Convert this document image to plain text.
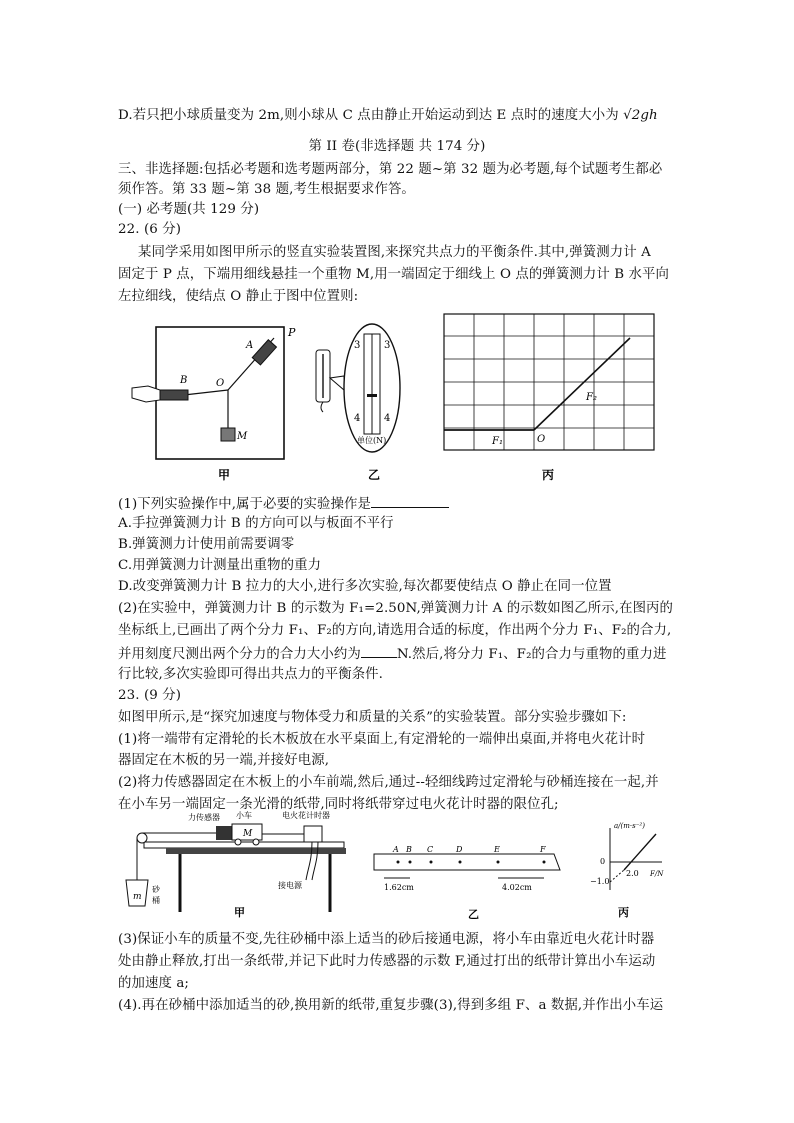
D.若只把小球质量变为 2m,则小球从 C 点由静止开始运动到达 E 点时的速度大小为 √2gh
第 II 卷(非选择题 共 174 分)
三、非选择题:包括必考题和选考题两部分，第 22 题~第 32 题为必考题,每个试题考生都必
须作答。第 33 题~第 38 题,考生根据要求作答。
(一) 必考题(共 129 分)
22. (6 分)
某同学采用如图甲所示的竖直实验装置图,来探究共点力的平衡条件.其中,弹簧测力计 A
固定于 P 点，下端用细线悬挂一个重物 M,用一端固定于细线上 O 点的弹簧测力计 B 水平向
左拉细线，使结点 O 静止于图中位置则:
P
A
B	O
M
甲
3
4
3
4
单位(N)
乙
F₁
F₂
O
丙
(1)下列实验操作中,属于必要的实验操作是
A.手拉弹簧测力计 B 的方向可以与板面不平行
B.弹簧测力计使用前需要调零
C.用弹簧测力计测量出重物的重力
D.改变弹簧测力计 B 拉力的大小,进行多次实验,每次都要使结点 O 静止在同一位置
(2)在实验中，弹簧测力计 B 的示数为 F₁=2.50N,弹簧测力计 A 的示数如图乙所示,在图丙的
坐标纸上,已画出了两个分力 F₁、F₂的方向,请选用合适的标度，作出两个分力 F₁、F₂的合力,
并用刻度尺测出两个分力的合力大小约为	N.然后,将分力 F₁、F₂的合力与重物的重力进
行比较,多次实验即可得出共点力的平衡条件.
23. (9 分)
如图甲所示,是“探究加速度与物体受力和质量的关系”的实验装置。部分实验步骤如下:
(1)将一端带有定滑轮的长木板放在水平桌面上,有定滑轮的一端伸出桌面,并将电火花计时
器固定在木板的另一端,并接好电源,
(2)将力传感器固定在木板上的小车前端,然后,通过--轻细线跨过定滑轮与砂桶连接在一起,并
在小车另一端固定一条光滑的纸带,同时将纸带穿过电火花计时器的限位孔;
力传感器 小车
M
电火花计时器
接电源
砂
桶
m
甲
A B C	D	E	F
1.62cm	4.02cm
乙
a/(m·s⁻²)
F/N
0
2.0
−1.0
丙
(3)保证小车的质量不变,先往砂桶中添上适当的砂后接通电源，将小车由靠近电火花计时器
处由静止释放,打出一条纸带,并记下此时力传感器的示数 F,通过打出的纸带计算出小车运动
的加速度 a;
(4).再在砂桶中添加适当的砂,换用新的纸带,重复步骤(3),得到多组 F、a 数据,并作出小车运
